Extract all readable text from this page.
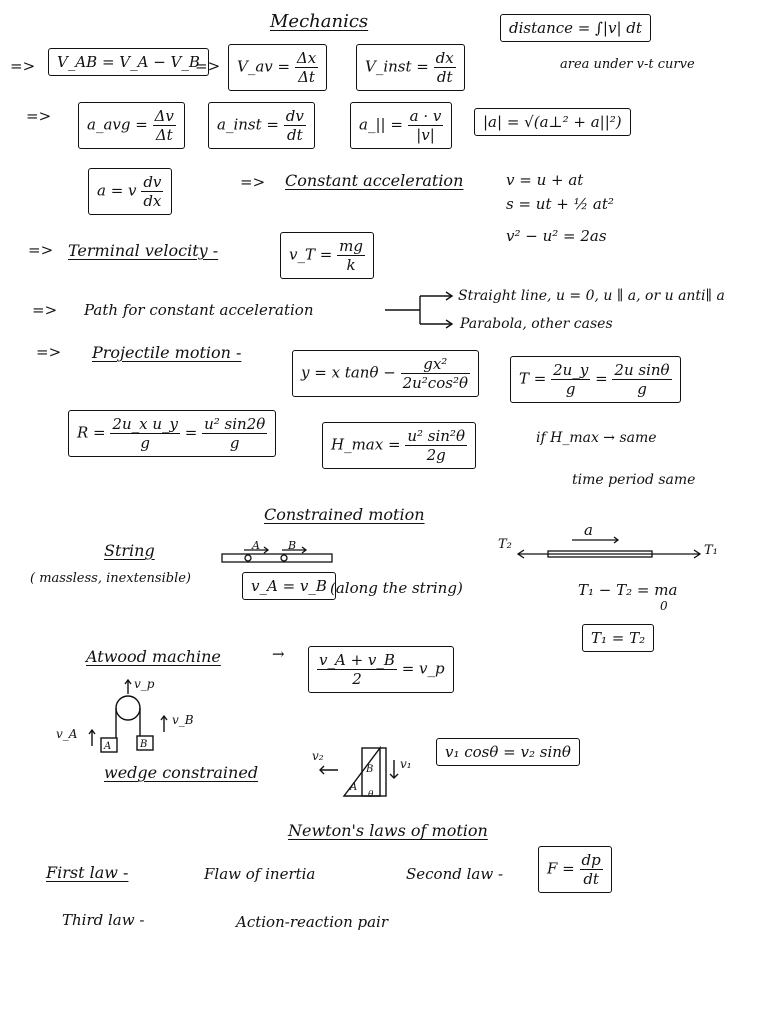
Mechanics
=>	V_AB = V_A − V_B
=>	V_av = $\frac{\Delta x}{\Delta t}$	V_inst = $\frac{dx}{dt}$
distance = ∫|v| dt
area under v-t curve
=>	a_avg = $\frac{\Delta v}{\Delta t}$	a_inst = $\frac{dv}{dt}$	a_|| = $\frac{a \cdot v}{|v|}$	|a| = √(a⊥² + a||²)
a = v $\frac{dv}{dx}$	=> Constant acceleration	v = u + at
s = ut + ½ at²
v² − u² = 2as
=> Terminal velocity -	v_T = $\frac{mg}{k}$
=> Path for constant acceleration
Straight line, u = 0, u ∥ a, or u anti∥ a
Parabola, other cases
=> Projectile motion -
y = x $\tan\theta - \frac{\text{gx²}}{\text{2u²cos²θ}}$	$T = \frac{2u\_y}{g} = \frac{\text{2u sinθ}}{g}$
$R = \frac{\text{2u\_x u\_y}}{g} = \frac{\text{u² sin2θ}}{g}$	H_max = $\frac{\text{u² sin²θ}}{2g}$	if H_max → same
time period same
Constrained motion
String
( massless, inextensible)
A	B
v_A = v_B (along the string)
T₂	T₁
a
T₁ − T₂ = ma
0
T₁ = T₂
Atwood machine	→ $\frac{v\_A + v\_B}{2}$ = v_p
v_p
v_A
v_B
A	B
wedge constrained
v₂
v₁
A
B
θ
v₁ cosθ = v₂ sinθ
Newton's laws of motion
First law -	Flaw of inertia	Second law -	$F = \frac{dp}{dt}$
Third law -	Action-reaction pair
